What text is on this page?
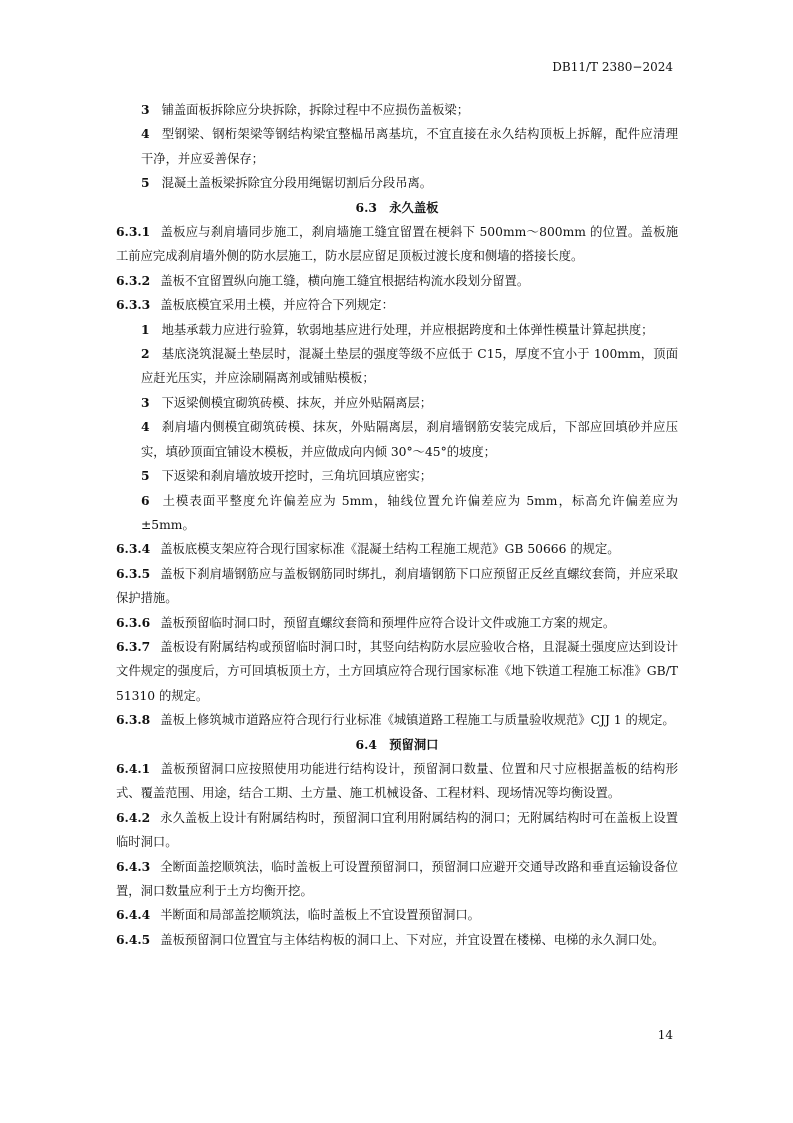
DB11/T 2380−2024

3 铺盖面板拆除应分块拆除，拆除过程中不应损伤盖板梁；

4 型钢梁、钢桁架梁等钢结构梁宜整榀吊离基坑，不宜直接在永久结构顶板上拆解，配件应清理干净，并应妥善保存；

5 混凝土盖板梁拆除宜分段用绳锯切割后分段吊离。

6.3　永久盖板

6.3.1 盖板应与刹肩墙同步施工，刹肩墙施工缝宜留置在梗斜下 500mm～800mm 的位置。盖板施工前应完成刹肩墙外侧的防水层施工，防水层应留足顶板过渡长度和侧墙的搭接长度。

6.3.2 盖板不宜留置纵向施工缝，横向施工缝宜根据结构流水段划分留置。

6.3.3 盖板底模宜采用土模，并应符合下列规定：

1 地基承载力应进行验算，软弱地基应进行处理，并应根据跨度和土体弹性模量计算起拱度；

2 基底浇筑混凝土垫层时，混凝土垫层的强度等级不应低于 C15，厚度不宜小于 100mm，顶面应赶光压实，并应涂刷隔离剂或铺贴模板；

3 下返梁侧模宜砌筑砖模、抹灰，并应外贴隔离层；

4 刹肩墙内侧模宜砌筑砖模、抹灰，外贴隔离层，刹肩墙钢筋安装完成后，下部应回填砂并应压实，填砂顶面宜铺设木模板，并应做成向内倾 30°～45°的坡度；

5 下返梁和刹肩墙放坡开挖时，三角坑回填应密实；

6 土模表面平整度允许偏差应为 5mm，轴线位置允许偏差应为 5mm，标高允许偏差应为 ±5mm。

6.3.4 盖板底模支架应符合现行国家标准《混凝土结构工程施工规范》GB 50666 的规定。

6.3.5 盖板下刹肩墙钢筋应与盖板钢筋同时绑扎，刹肩墙钢筋下口应预留正反丝直螺纹套筒，并应采取保护措施。

6.3.6 盖板预留临时洞口时，预留直螺纹套筒和预埋件应符合设计文件或施工方案的规定。

6.3.7 盖板设有附属结构或预留临时洞口时，其竖向结构防水层应验收合格，且混凝土强度应达到设计文件规定的强度后，方可回填板顶土方，土方回填应符合现行国家标准《地下铁道工程施工标准》GB/T 51310 的规定。

6.3.8 盖板上修筑城市道路应符合现行行业标准《城镇道路工程施工与质量验收规范》CJJ 1 的规定。

6.4　预留洞口

6.4.1 盖板预留洞口应按照使用功能进行结构设计，预留洞口数量、位置和尺寸应根据盖板的结构形式、覆盖范围、用途，结合工期、土方量、施工机械设备、工程材料、现场情况等均衡设置。

6.4.2 永久盖板上设计有附属结构时，预留洞口宜利用附属结构的洞口；无附属结构时可在盖板上设置临时洞口。

6.4.3 全断面盖挖顺筑法，临时盖板上可设置预留洞口，预留洞口应避开交通导改路和垂直运输设备位置，洞口数量应利于土方均衡开挖。

6.4.4 半断面和局部盖挖顺筑法，临时盖板上不宜设置预留洞口。

6.4.5 盖板预留洞口位置宜与主体结构板的洞口上、下对应，并宜设置在楼梯、电梯的永久洞口处。

14
